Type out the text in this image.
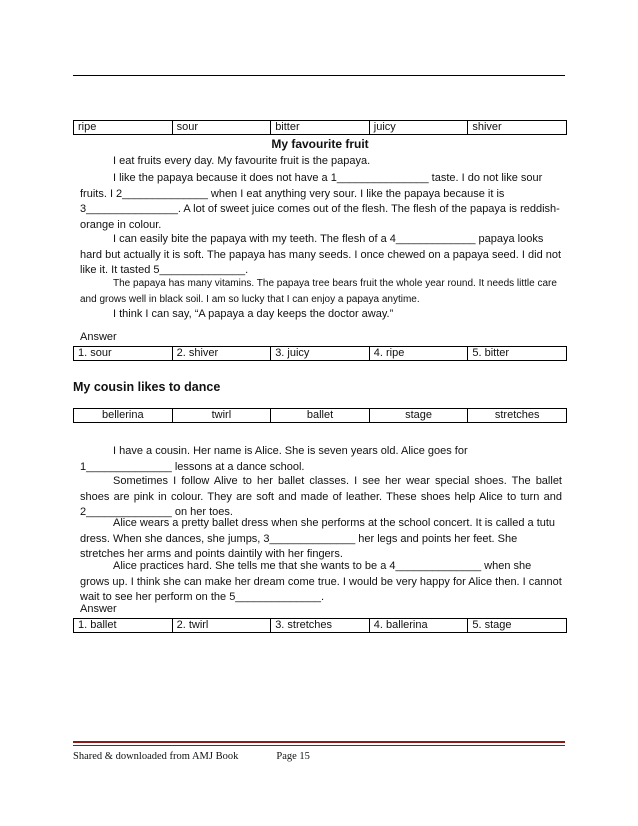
ripe	sour	bitter	juicy	shiver
My favourite fruit
I eat fruits every day. My favourite fruit is the papaya.
I like the papaya because it does not have a 1_______________ taste. I do not like sour fruits. I 2______________ when I eat anything very sour. I like the papaya because it is 3_______________. A lot of sweet juice comes out of the flesh. The flesh of the papaya is reddish-orange in colour.
I can easily bite the papaya with my teeth. The flesh of a 4_____________ papaya looks hard but actually it is soft. The papaya has many seeds. I once chewed on a papaya seed. I did not like it. It tasted 5______________.
The papaya has many vitamins. The papaya tree bears fruit the whole year round. It needs little care and grows well in black soil. I am so lucky that I can enjoy a papaya anytime.
I think I can say, “A papaya a day keeps the doctor away.”
Answer
1. sour	2. shiver	3. juicy	4. ripe	5. bitter
My cousin likes to dance
bellerina	twirl	ballet	stage	stretches
I have a cousin. Her name is Alice. She is seven years old. Alice goes for 1______________ lessons at a dance school.
Sometimes I follow Alive to her ballet classes. I see her wear special shoes. The ballet shoes are pink in colour. They are soft and made of leather. These shoes help Alice to turn and 2______________ on her toes.
Alice wears a pretty ballet dress when she performs at the school concert. It is called a tutu dress. When she dances, she jumps, 3______________ her legs and points her feet. She stretches her arms and points daintily with her fingers.
Alice practices hard. She tells me that she wants to be a 4______________ when she grows up. I think she can make her dream come true. I would be very happy for Alice then. I cannot wait to see her perform on the 5______________.
Answer
1. ballet	2. twirl	3. stretches	4. ballerina	5. stage
Shared & downloaded from AMJ Book	Page 15
